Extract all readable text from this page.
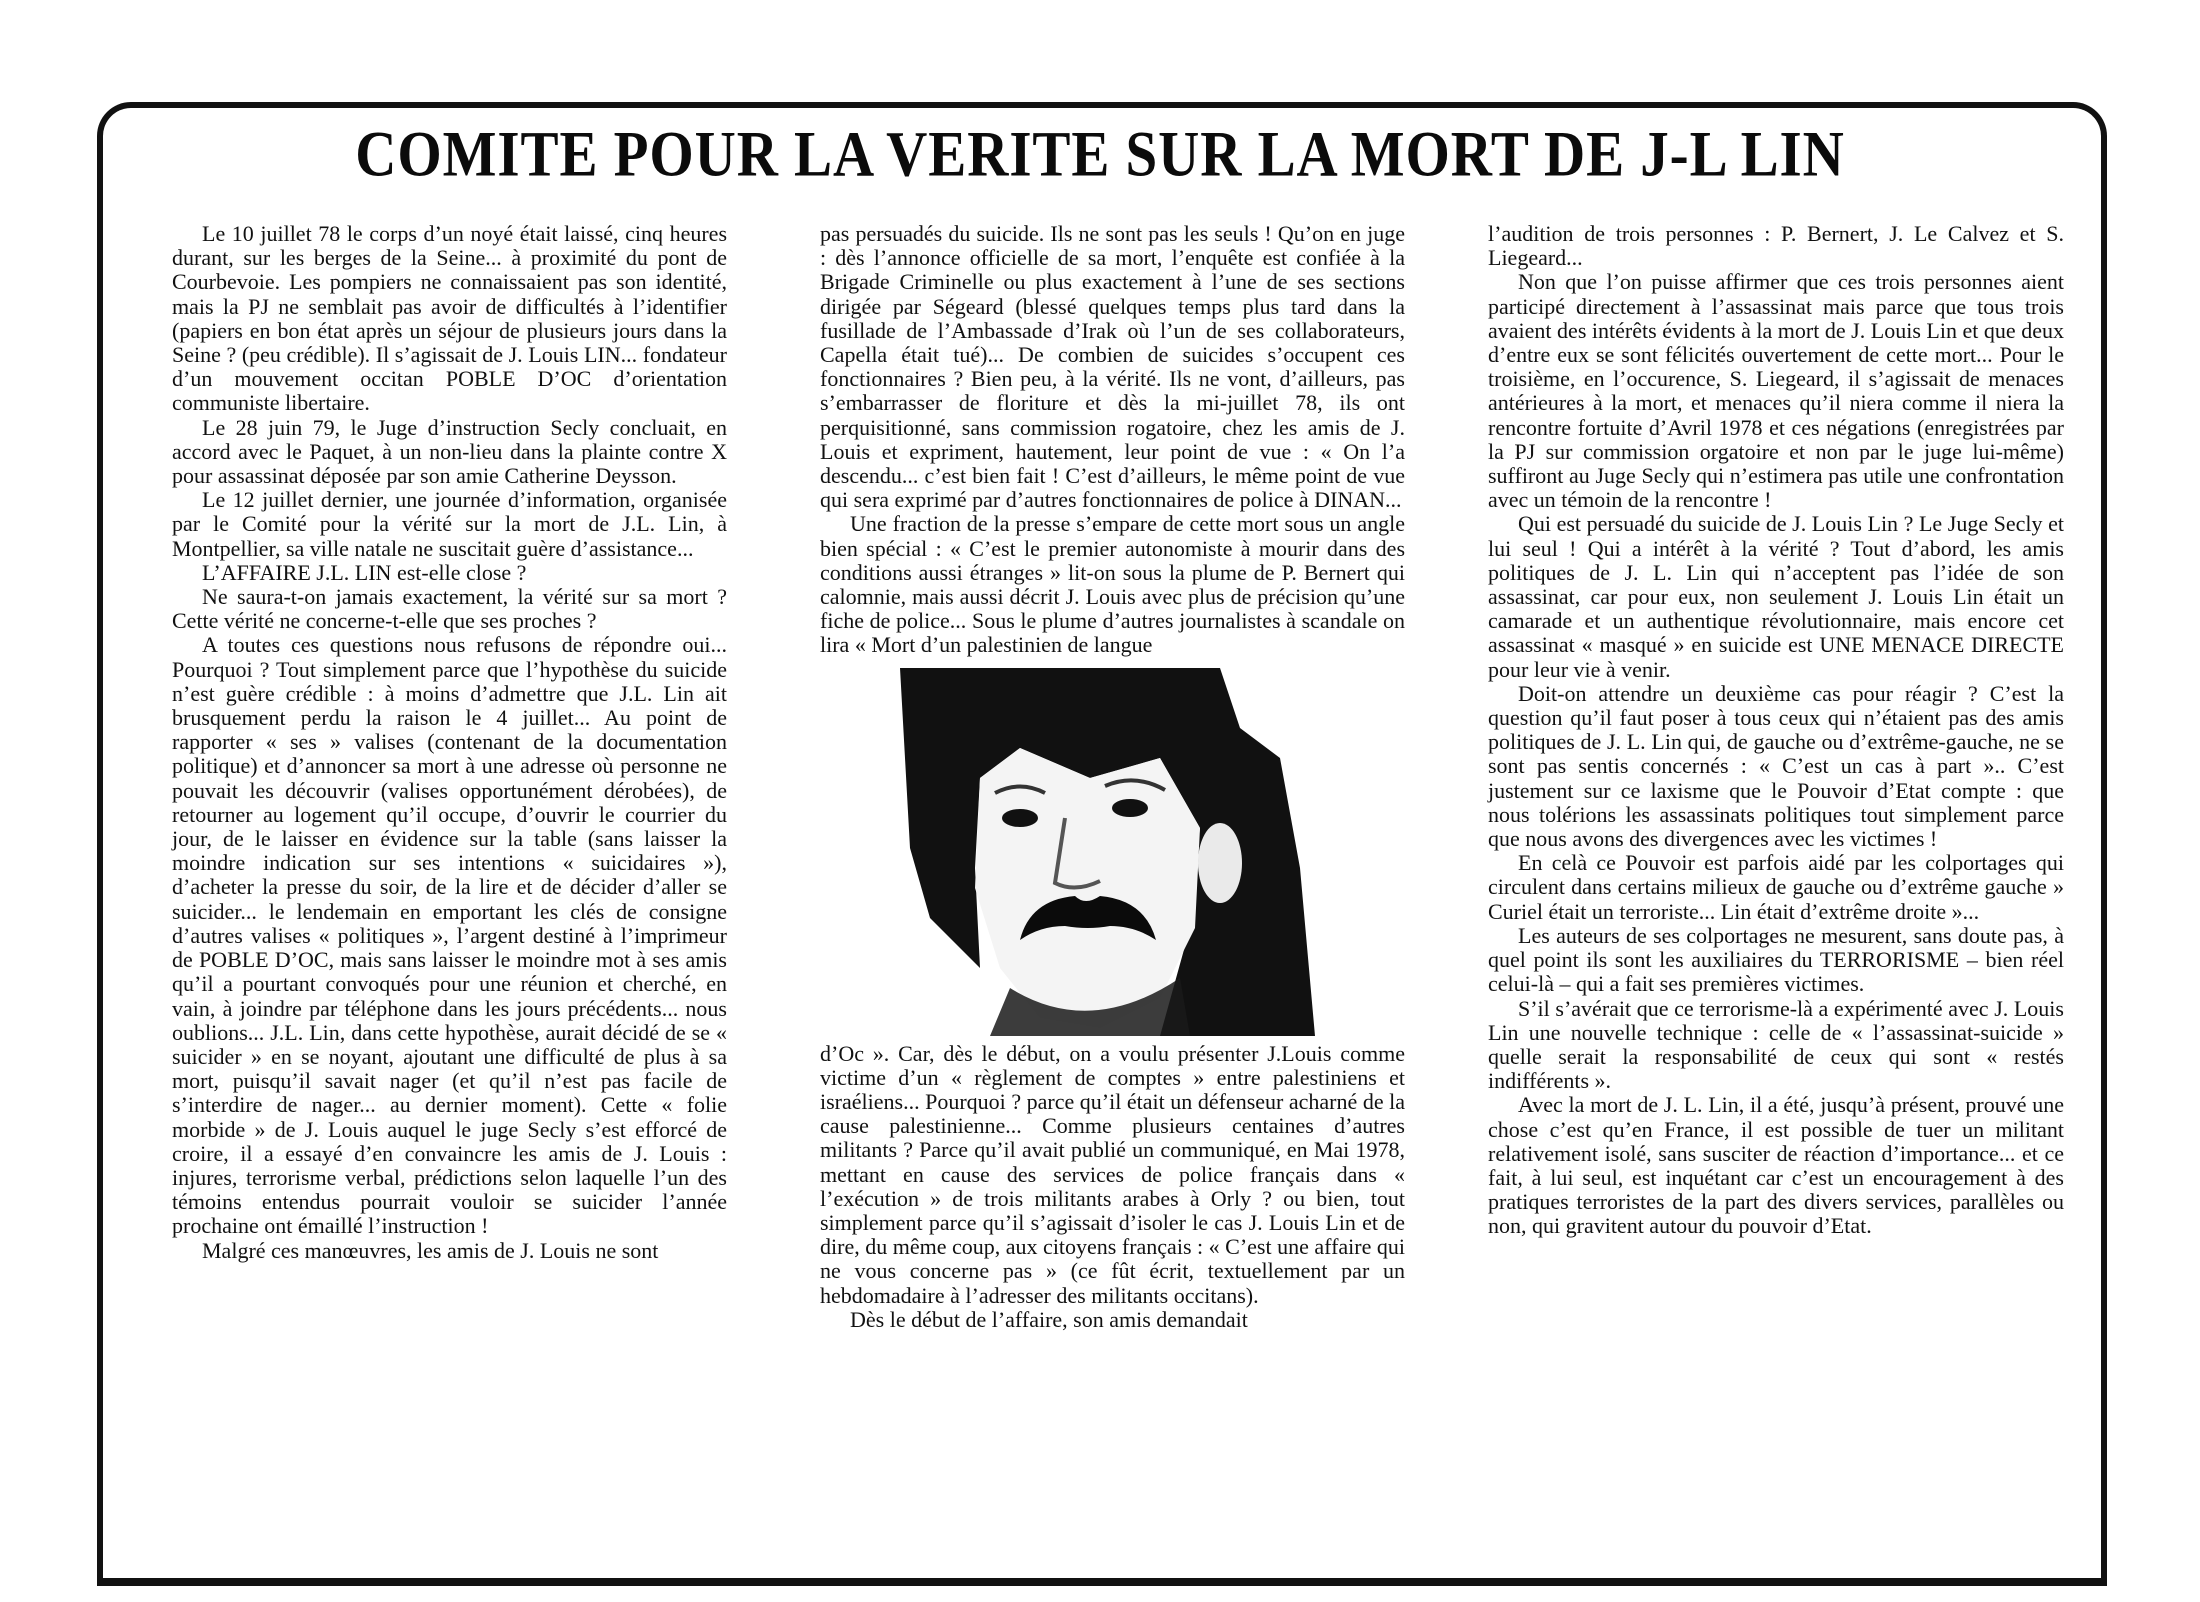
COMITE POUR LA VERITE SUR LA MORT DE J-L LIN

Le 10 juillet 78 le corps d’un noyé était laissé, cinq heures durant, sur les berges de la Seine... à proximité du pont de Courbevoie. Les pompiers ne connaissaient pas son identité, mais la PJ ne semblait pas avoir de difficultés à l’identifier (papiers en bon état après un séjour de plusieurs jours dans la Seine ? (peu crédible). Il s’agissait de J. Louis LIN... fondateur d’un mouvement occitan POBLE D’OC d’orientation communiste libertaire.

Le 28 juin 79, le Juge d’instruction Secly concluait, en accord avec le Paquet, à un non-lieu dans la plainte contre X pour assassinat déposée par son amie Catherine Deysson.

Le 12 juillet dernier, une journée d’information, organisée par le Comité pour la vérité sur la mort de J.L. Lin, à Montpellier, sa ville natale ne suscitait guère d’assistance...

L’AFFAIRE J.L. LIN est-elle close ?

Ne saura-t-on jamais exactement, la vérité sur sa mort ? Cette vérité ne concerne-t-elle que ses proches ?

A toutes ces questions nous refusons de répondre oui... Pourquoi ? Tout simplement parce que l’hypothèse du suicide n’est guère crédible : à moins d’admettre que J.L. Lin ait brusquement perdu la raison le 4 juillet... Au point de rapporter « ses » valises (contenant de la documentation politique) et d’annoncer sa mort à une adresse où personne ne pouvait les découvrir (valises opportunément dérobées), de retourner au logement qu’il occupe, d’ouvrir le courrier du jour, de le laisser en évidence sur la table (sans laisser la moindre indication sur ses intentions « suicidaires »), d’acheter la presse du soir, de la lire et de décider d’aller se suicider... le lendemain en emportant les clés de consigne d’autres valises « politiques », l’argent destiné à l’imprimeur de POBLE D’OC, mais sans laisser le moindre mot à ses amis qu’il a pourtant convoqués pour une réunion et cherché, en vain, à joindre par téléphone dans les jours précédents... nous oublions... J.L. Lin, dans cette hypothèse, aurait décidé de se « suicider » en se noyant, ajoutant une difficulté de plus à sa mort, puisqu’il savait nager (et qu’il n’est pas facile de s’interdire de nager... au dernier moment). Cette « folie morbide » de J. Louis auquel le juge Secly s’est efforcé de croire, il a essayé d’en convaincre les amis de J. Louis : injures, terrorisme verbal, prédictions selon laquelle l’un des témoins entendus pourrait vouloir se suicider l’année prochaine ont émaillé l’instruction !

Malgré ces manœuvres, les amis de J. Louis ne sont

pas persuadés du suicide. Ils ne sont pas les seuls ! Qu’on en juge : dès l’annonce officielle de sa mort, l’enquête est confiée à la Brigade Criminelle ou plus exactement à l’une de ses sections dirigée par Ségeard (blessé quelques temps plus tard dans la fusillade de l’Ambassade d’Irak où l’un de ses collaborateurs, Capella était tué)... De combien de suicides s’occupent ces fonctionnaires ? Bien peu, à la vérité. Ils ne vont, d’ailleurs, pas s’embarrasser de floriture et dès la mi-juillet 78, ils ont perquisitionné, sans commission rogatoire, chez les amis de J. Louis et expriment, hautement, leur point de vue : « On l’a descendu... c’est bien fait ! C’est d’ailleurs, le même point de vue qui sera exprimé par d’autres fonctionnaires de police à DINAN...

Une fraction de la presse s’empare de cette mort sous un angle bien spécial : « C’est le premier autonomiste à mourir dans des conditions aussi étranges » lit-on sous la plume de P. Bernert qui calomnie, mais aussi décrit J. Louis avec plus de précision qu’une fiche de police... Sous le plume d’autres journalistes à scandale on lira « Mort d’un palestinien de langue

d’Oc ». Car, dès le début, on a voulu présenter J.Louis comme victime d’un « règlement de comptes » entre palestiniens et israéliens... Pourquoi ? parce qu’il était un défenseur acharné de la cause palestinienne... Comme plusieurs centaines d’autres militants ? Parce qu’il avait publié un communiqué, en Mai 1978, mettant en cause des services de police français dans « l’exécution » de trois militants arabes à Orly ? ou bien, tout simplement parce qu’il s’agissait d’isoler le cas J. Louis Lin et de dire, du même coup, aux citoyens français : « C’est une affaire qui ne vous concerne pas » (ce fût écrit, textuellement par un hebdomadaire à l’adresser des militants occitans).

Dès le début de l’affaire, son amis demandait

l’audition de trois personnes : P. Bernert, J. Le Calvez et S. Liegeard...

Non que l’on puisse affirmer que ces trois personnes aient participé directement à l’assassinat mais parce que tous trois avaient des intérêts évidents à la mort de J. Louis Lin et que deux d’entre eux se sont félicités ouvertement de cette mort... Pour le troisième, en l’occurence, S. Liegeard, il s’agissait de menaces antérieures à la mort, et menaces qu’il niera comme il niera la rencontre fortuite d’Avril 1978 et ces négations (enregistrées par la PJ sur commission orgatoire et non par le juge lui-même) suffiront au Juge Secly qui n’estimera pas utile une confrontation avec un témoin de la rencontre !

Qui est persuadé du suicide de J. Louis Lin ? Le Juge Secly et lui seul ! Qui a intérêt à la vérité ? Tout d’abord, les amis politiques de J. L. Lin qui n’acceptent pas l’idée de son assassinat, car pour eux, non seulement J. Louis Lin était un camarade et un authentique révolutionnaire, mais encore cet assassinat « masqué » en suicide est UNE MENACE DIRECTE pour leur vie à venir.

Doit-on attendre un deuxième cas pour réagir ? C’est la question qu’il faut poser à tous ceux qui n’étaient pas des amis politiques de J. L. Lin qui, de gauche ou d’extrême-gauche, ne se sont pas sentis concernés : « C’est un cas à part ».. C’est justement sur ce laxisme que le Pouvoir d’Etat compte : que nous tolérions les assassinats politiques tout simplement parce que nous avons des divergences avec les victimes !

En celà ce Pouvoir est parfois aidé par les colportages qui circulent dans certains milieux de gauche ou d’extrême gauche » Curiel était un terroriste... Lin était d’extrême droite »...

Les auteurs de ses colportages ne mesurent, sans doute pas, à quel point ils sont les auxiliaires du TERRORISME – bien réel celui-là – qui a fait ses premières victimes.

S’il s’avérait que ce terrorisme-là a expérimenté avec J. Louis Lin une nouvelle technique : celle de « l’assassinat-suicide » quelle serait la responsabilité de ceux qui sont « restés indifférents ».

Avec la mort de J. L. Lin, il a été, jusqu’à présent, prouvé une chose c’est qu’en France, il est possible de tuer un militant relativement isolé, sans susciter de réaction d’importance... et ce fait, à lui seul, est inquétant car c’est un encouragement à des pratiques terroristes de la part des divers services, parallèles ou non, qui gravitent autour du pouvoir d’Etat.
